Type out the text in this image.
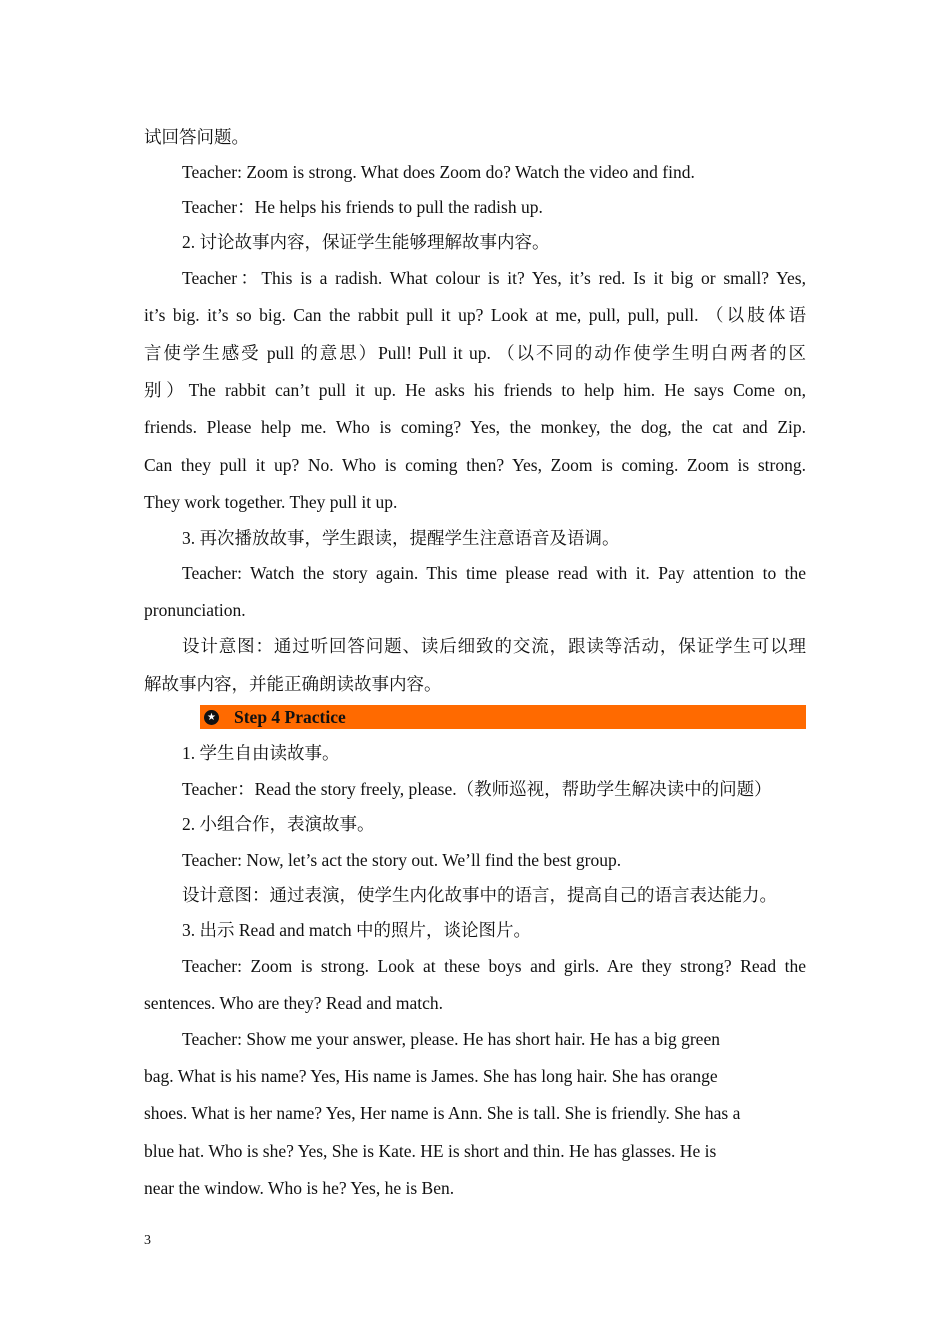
试回答问题。
Teacher: Zoom is strong. What does Zoom do? Watch the video and find.
Teacher：He helps his friends to pull the radish up.
2. 讨论故事内容，保证学生能够理解故事内容。
Teacher：This is a radish. What colour is it? Yes, it’s red. Is it big or small? Yes,
it’s big. it’s so big. Can the rabbit pull it up? Look at me, pull, pull, pull. （以肢体语
言使学生感受 pull 的意思）Pull! Pull it up. （以不同的动作使学生明白两者的区
别）The rabbit can’t pull it up. He asks his friends to help him. He says Come on,
friends. Please help me. Who is coming? Yes, the monkey, the dog, the cat and Zip.
Can they pull it up? No. Who is coming then? Yes, Zoom is coming. Zoom is strong.
They work together. They pull it up.
3. 再次播放故事，学生跟读，提醒学生注意语音及语调。
Teacher: Watch the story again. This time please read with it. Pay attention to the
pronunciation.
设计意图：通过听回答问题、读后细致的交流，跟读等活动，保证学生可以理
解故事内容，并能正确朗读故事内容。
★ Step 4 Practice
1. 学生自由读故事。
Teacher：Read the story freely, please.（教师巡视，帮助学生解决读中的问题）
2. 小组合作，表演故事。
Teacher: Now, let’s act the story out. We’ll find the best group.
设计意图：通过表演，使学生内化故事中的语言，提高自己的语言表达能力。
3. 出示 Read and match 中的照片，谈论图片。
Teacher: Zoom is strong. Look at these boys and girls. Are they strong? Read the
sentences. Who are they? Read and match.
Teacher: Show me your answer, please. He has short hair. He has a big green
bag. What is his name? Yes, His name is James. She has long hair. She has orange
shoes. What is her name? Yes, Her name is Ann. She is tall. She is friendly. She has a
blue hat. Who is she? Yes, She is Kate. HE is short and thin. He has glasses. He is
near the window. Who is he? Yes, he is Ben.
3
